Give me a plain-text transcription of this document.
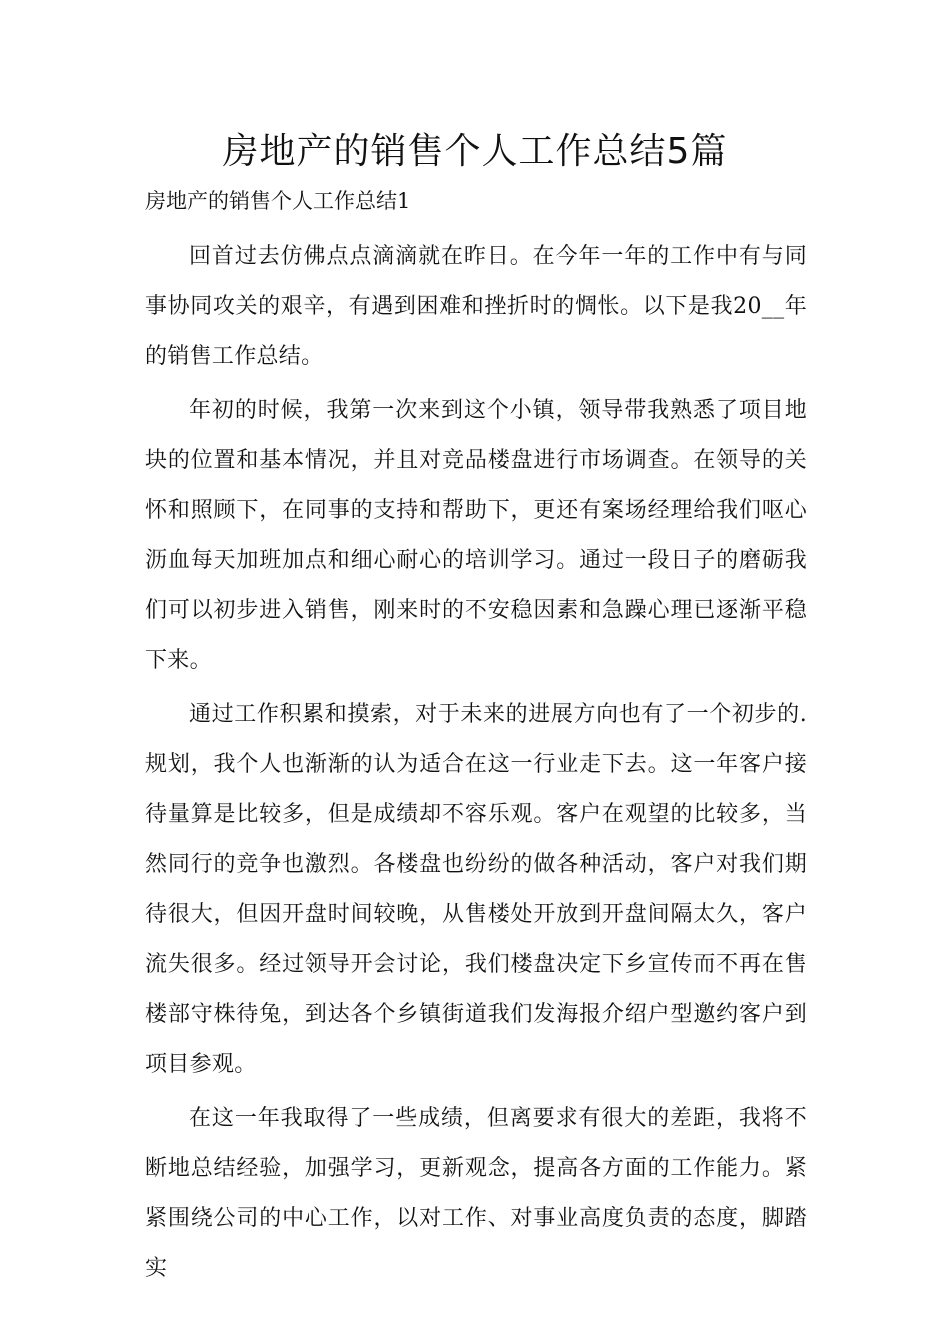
房地产的销售个人工作总结5篇

房地产的销售个人工作总结1

回首过去仿佛点点滴滴就在昨日。在今年一年的工作中有与同事协同攻关的艰辛，有遇到困难和挫折时的惆怅。以下是我20__年的销售工作总结。

年初的时候，我第一次来到这个小镇，领导带我熟悉了项目地块的位置和基本情况，并且对竞品楼盘进行市场调查。在领导的关怀和照顾下，在同事的支持和帮助下，更还有案场经理给我们呕心沥血每天加班加点和细心耐心的培训学习。通过一段日子的磨砺我们可以初步进入销售，刚来时的不安稳因素和急躁心理已逐渐平稳下来。

通过工作积累和摸索，对于未来的进展方向也有了一个初步的.规划，我个人也渐渐的认为适合在这一行业走下去。这一年客户接待量算是比较多，但是成绩却不容乐观。客户在观望的比较多，当然同行的竞争也激烈。各楼盘也纷纷的做各种活动，客户对我们期待很大，但因开盘时间较晚，从售楼处开放到开盘间隔太久，客户流失很多。经过领导开会讨论，我们楼盘决定下乡宣传而不再在售楼部守株待兔，到达各个乡镇街道我们发海报介绍户型邀约客户到项目参观。

在这一年我取得了一些成绩，但离要求有很大的差距，我将不断地总结经验，加强学习，更新观念，提高各方面的工作能力。紧紧围绕公司的中心工作，以对工作、对事业高度负责的态度，脚踏实
